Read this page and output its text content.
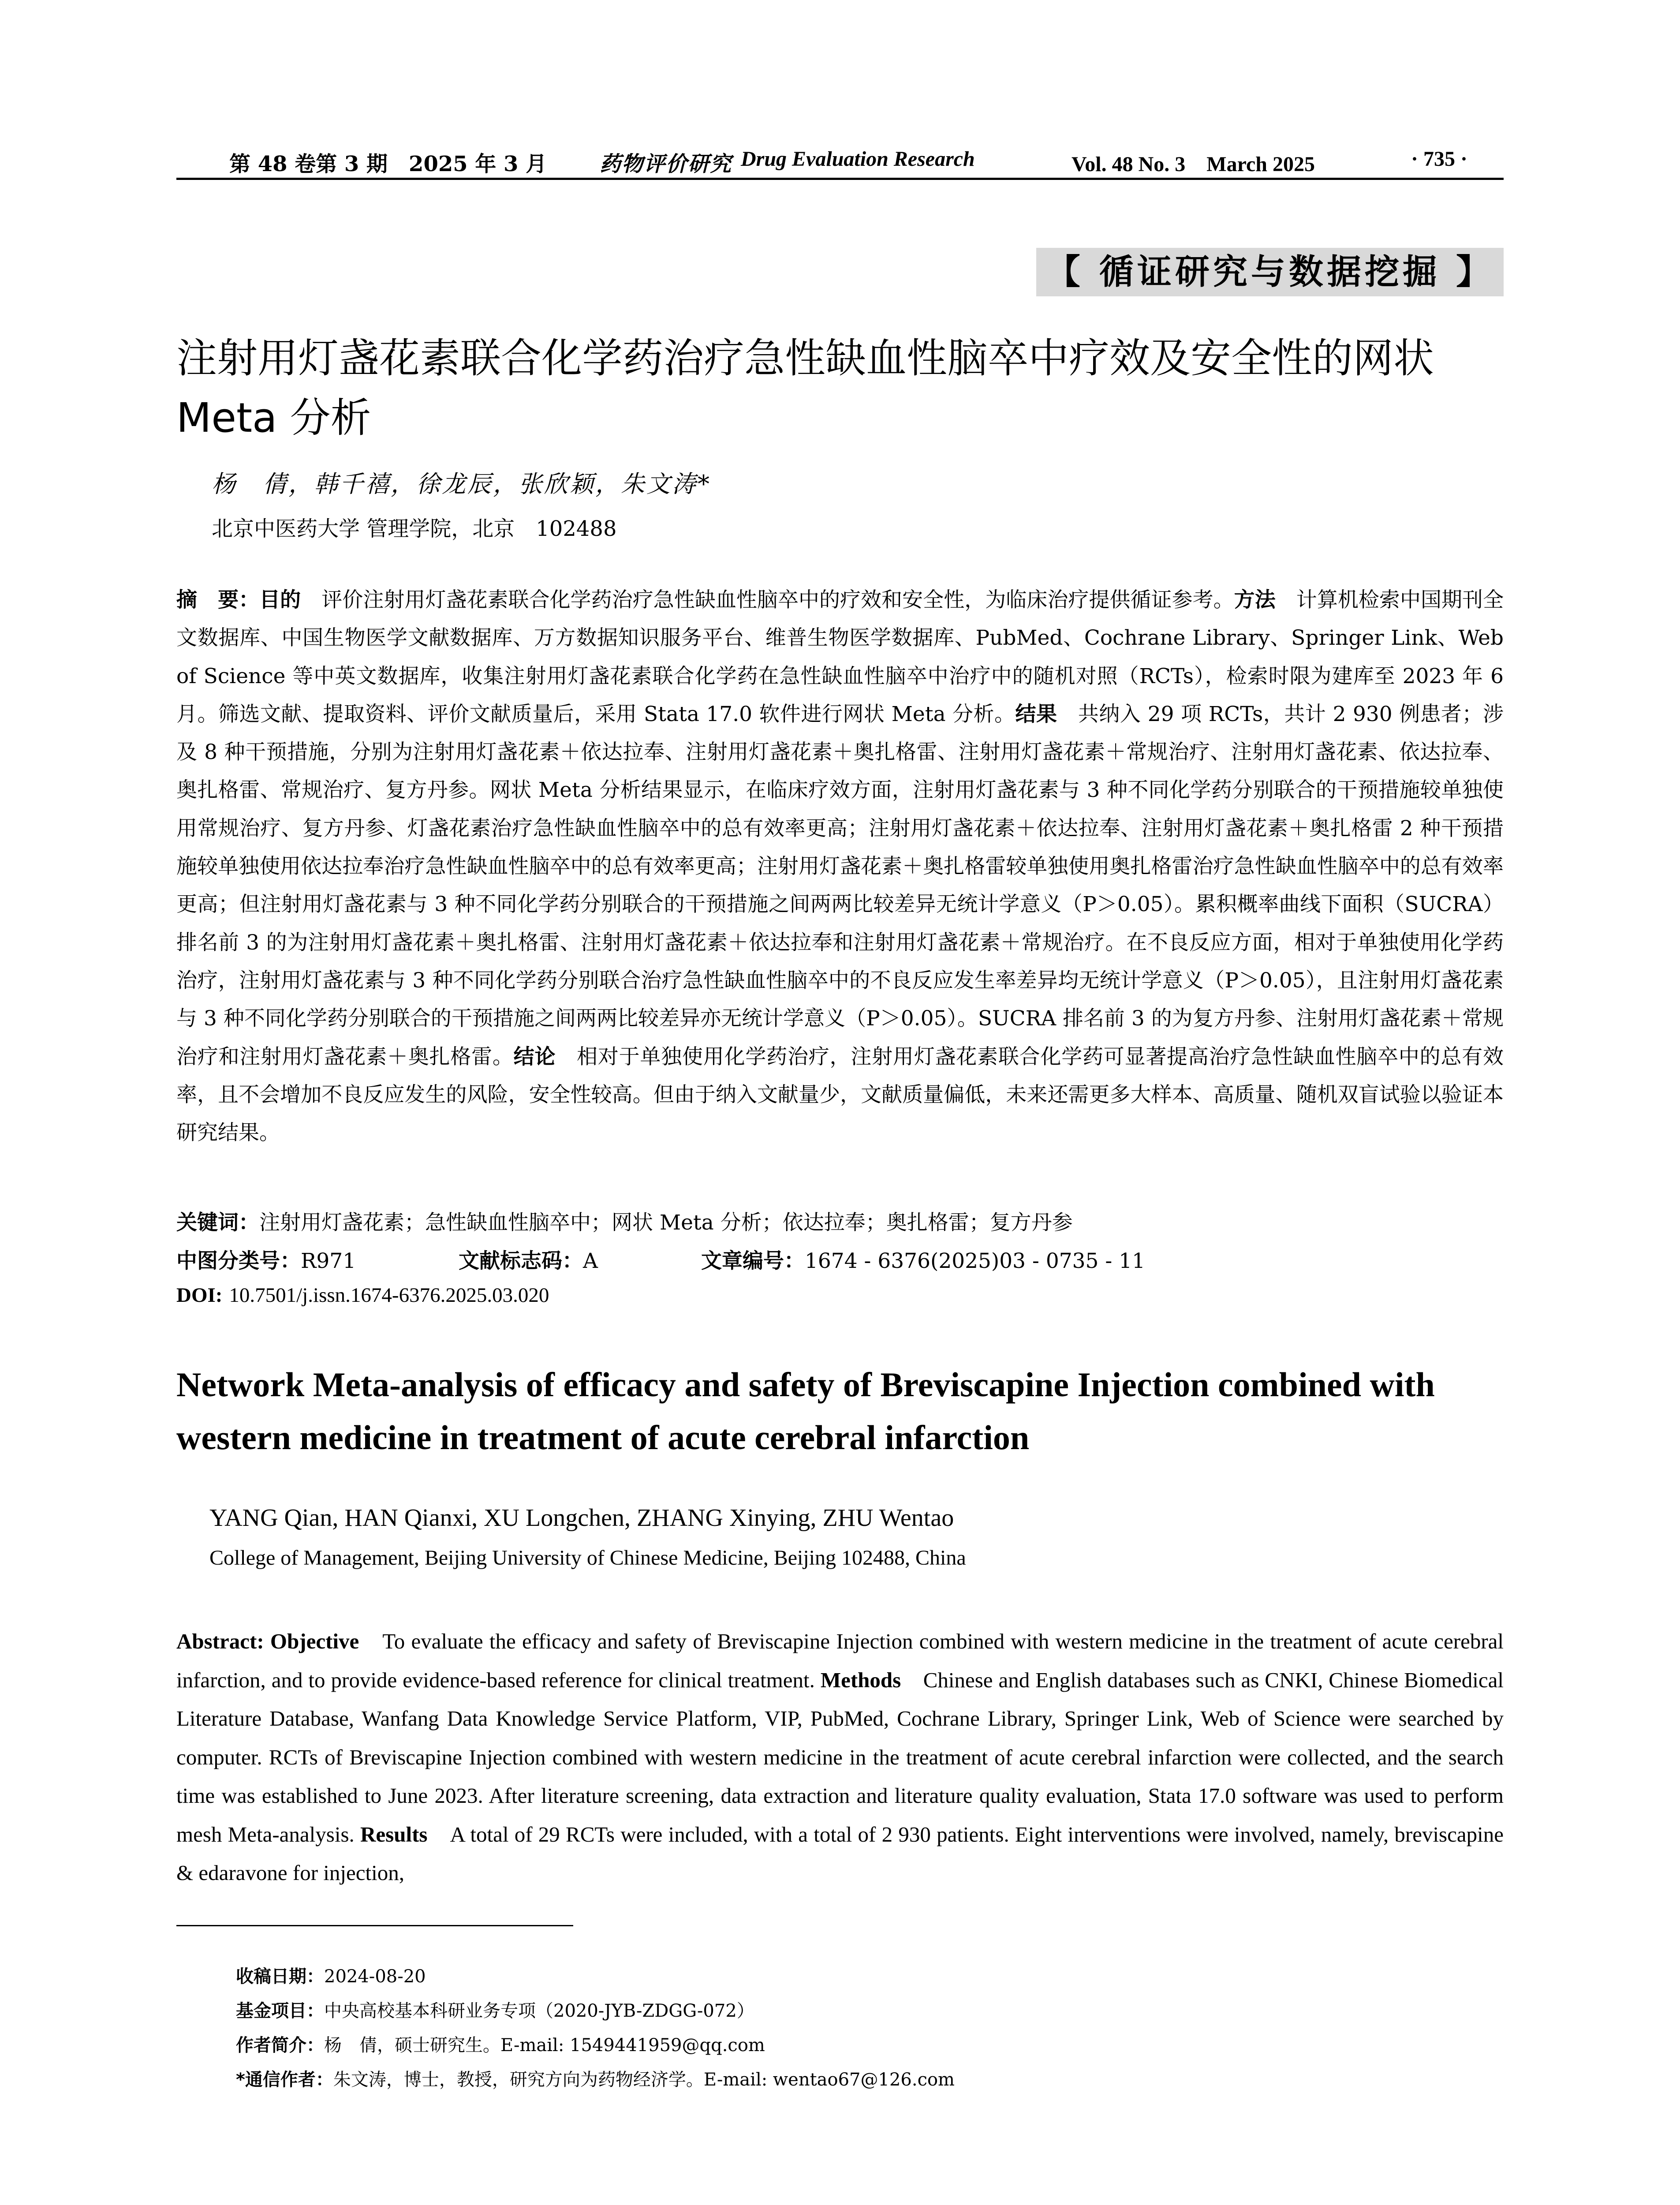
第 48 卷第 3 期　2025 年 3 月 药物评价研究 Drug Evaluation Research	Vol. 48 No. 3　March 2025	· 735 ·
【 循证研究与数据挖掘 】
注射用灯盏花素联合化学药治疗急性缺血性脑卒中疗效及安全性的网状 Meta 分析
杨　倩，韩千禧，徐龙辰，张欣颖，朱文涛*
北京中医药大学 管理学院，北京　102488
摘　要：目的　 评价注射用灯盏花素联合化学药治疗急性缺血性脑卒中的疗效和安全性，为临床治疗提供循证参考。方法　 计算机检索中国期刊全文数据库、中国生物医学文献数据库、万方数据知识服务平台、维普生物医学数据库、PubMed、Cochrane Library、Springer Link、Web of Science 等中英文数据库，收集注射用灯盏花素联合化学药在急性缺血性脑卒中治疗中的随机对照（RCTs），检索时限为建库至 2023 年 6 月。筛选文献、提取资料、评价文献质量后，采用 Stata 17.0 软件进行网状 Meta 分析。结果　 共纳入 29 项 RCTs，共计 2 930 例患者；涉及 8 种干预措施，分别为注射用灯盏花素＋依达拉奉、注射用灯盏花素＋奥扎格雷、注射用灯盏花素＋常规治疗、注射用灯盏花素、依达拉奉、奥扎格雷、常规治疗、复方丹参。网状 Meta 分析结果显示，在临床疗效方面，注射用灯盏花素与 3 种不同化学药分别联合的干预措施较单独使用常规治疗、复方丹参、灯盏花素治疗急性缺血性脑卒中的总有效率更高；注射用灯盏花素＋依达拉奉、注射用灯盏花素＋奥扎格雷 2 种干预措施较单独使用依达拉奉治疗急性缺血性脑卒中的总有效率更高；注射用灯盏花素＋奥扎格雷较单独使用奥扎格雷治疗急性缺血性脑卒中的总有效率更高；但注射用灯盏花素与 3 种不同化学药分别联合的干预措施之间两两比较差异无统计学意义（P＞0.05）。累积概率曲线下面积（SUCRA）排名前 3 的为注射用灯盏花素＋奥扎格雷、注射用灯盏花素＋依达拉奉和注射用灯盏花素＋常规治疗。在不良反应方面，相对于单独使用化学药治疗，注射用灯盏花素与 3 种不同化学药分别联合治疗急性缺血性脑卒中的不良反应发生率差异均无统计学意义（P＞0.05），且注射用灯盏花素与 3 种不同化学药分别联合的干预措施之间两两比较差异亦无统计学意义（P＞0.05）。SUCRA 排名前 3 的为复方丹参、注射用灯盏花素＋常规治疗和注射用灯盏花素＋奥扎格雷。结论　 相对于单独使用化学药治疗，注射用灯盏花素联合化学药可显著提高治疗急性缺血性脑卒中的总有效率，且不会增加不良反应发生的风险，安全性较高。但由于纳入文献量少，文献质量偏低，未来还需更多大样本、高质量、随机双盲试验以验证本研究结果。
关键词：注射用灯盏花素；急性缺血性脑卒中；网状 Meta 分析；依达拉奉；奥扎格雷；复方丹参
中图分类号：R971	文献标志码：A	文章编号：1674 - 6376(2025)03 - 0735 - 11
DOI: 10.7501/j.issn.1674-6376.2025.03.020
Network Meta-analysis of efficacy and safety of Breviscapine Injection combined with western medicine in treatment of acute cerebral infarction
YANG Qian, HAN Qianxi, XU Longchen, ZHANG Xinying, ZHU Wentao
College of Management, Beijing University of Chinese Medicine, Beijing 102488, China
Abstract: Objective　 To evaluate the efficacy and safety of Breviscapine Injection combined with western medicine in the treatment of acute cerebral infarction, and to provide evidence-based reference for clinical treatment. Methods　 Chinese and English databases such as CNKI, Chinese Biomedical Literature Database, Wanfang Data Knowledge Service Platform, VIP, PubMed, Cochrane Library, Springer Link, Web of Science were searched by computer. RCTs of Breviscapine Injection combined with western medicine in the treatment of acute cerebral infarction were collected, and the search time was established to June 2023. After literature screening, data extraction and literature quality evaluation, Stata 17.0 software was used to perform mesh Meta-analysis. Results　 A total of 29 RCTs were included, with a total of 2 930 patients. Eight interventions were involved, namely, breviscapine & edaravone for injection,
收稿日期：2024-08-20
基金项目：中央高校基本科研业务专项（2020-JYB-ZDGG-072）
作者简介：杨　倩，硕士研究生。E-mail: 1549441959@qq.com
*通信作者：朱文涛，博士，教授，研究方向为药物经济学。E-mail: wentao67@126.com
